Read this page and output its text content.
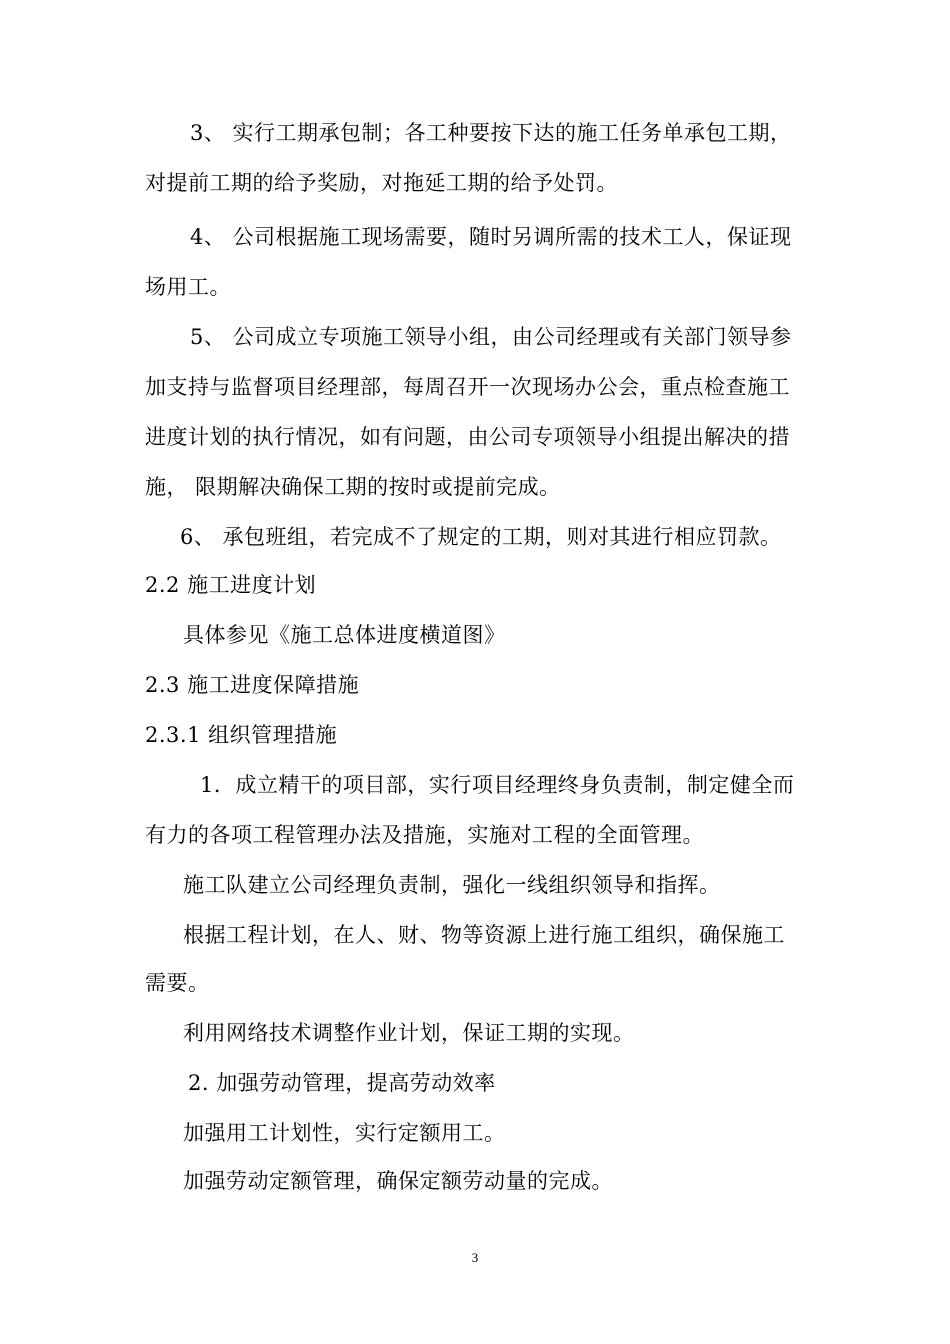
3、 实行工期承包制；各工种要按下达的施工任务单承包工期，
对提前工期的给予奖励，对拖延工期的给予处罚。
4、 公司根据施工现场需要，随时另调所需的技术工人，保证现
场用工。
5、 公司成立专项施工领导小组，由公司经理或有关部门领导参
加支持与监督项目经理部，每周召开一次现场办公会，重点检查施工
进度计划的执行情况，如有问题，由公司专项领导小组提出解决的措
施， 限期解决确保工期的按时或提前完成。
6、 承包班组，若完成不了规定的工期，则对其进行相应罚款。
2.2 施工进度计划
具体参见《施工总体进度横道图》
2.3 施工进度保障措施
2.3.1 组织管理措施
1．成立精干的项目部，实行项目经理终身负责制，制定健全而
有力的各项工程管理办法及措施，实施对工程的全面管理。
施工队建立公司经理负责制，强化一线组织领导和指挥。
根据工程计划，在人、财、物等资源上进行施工组织，确保施工
需要。
利用网络技术调整作业计划，保证工期的实现。
2. 加强劳动管理，提高劳动效率
加强用工计划性，实行定额用工。
加强劳动定额管理，确保定额劳动量的完成。
3
